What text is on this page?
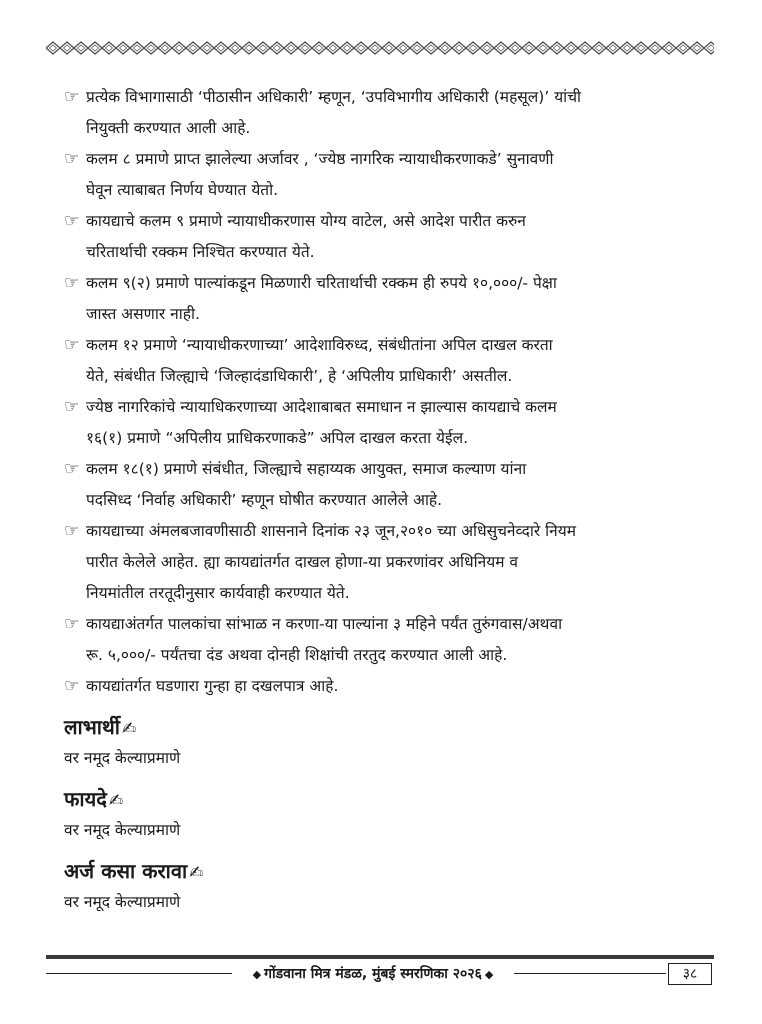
☞ प्रत्येक विभागासाठी ‘पीठासीन अधिकारी’ म्हणून, ‘उपविभागीय अधिकारी (महसूल)’ यांची
नियुक्ती करण्यात आली आहे.
☞ कलम ८ प्रमाणे प्राप्त झालेल्या अर्जावर , ‘ज्येष्ठ नागरिक न्यायाधीकरणाकडे’ सुनावणी
घेवून त्याबाबत निर्णय घेण्यात येतो.
☞ कायद्याचे कलम ९ प्रमाणे न्यायाधीकरणास योग्य वाटेल, असे आदेश पारीत करुन
चरितार्थाची रक्कम निश्चित करण्यात येते.
☞ कलम ९(२) प्रमाणे पाल्यांकडून मिळणारी चरितार्थाची रक्कम ही रुपये १०,०००/- पेक्षा
जास्त असणार नाही.
☞ कलम १२ प्रमाणे ‘न्यायाधीकरणाच्या’ आदेशाविरुध्द, संबंधीतांना अपिल दाखल करता
येते, संबंधीत जिल्ह्याचे ‘जिल्हादंडाधिकारी’, हे ‘अपिलीय प्राधिकारी’ असतील.
☞ ज्येष्ठ नागरिकांचे न्यायाधिकरणाच्या आदेशाबाबत समाधान न झाल्यास कायद्याचे कलम
१६(१) प्रमाणे “अपिलीय प्राधिकरणाकडे” अपिल दाखल करता येईल.
☞ कलम १८(१) प्रमाणे संबंधीत, जिल्ह्याचे सहाय्यक आयुक्त, समाज कल्याण यांना
पदसिध्द ‘निर्वाह अधिकारी’ म्हणून घोषीत करण्यात आलेले आहे.
☞ कायद्याच्या अंमलबजावणीसाठी शासनाने दिनांक २३ जून,२०१० च्या अधिसुचनेव्दारे नियम
पारीत केलेले आहेत. ह्या कायद्यांतर्गत दाखल होणा-या प्रकरणांवर अधिनियम व
नियमांतील तरतूदीनुसार कार्यवाही करण्यात येते.
☞ कायद्याअंतर्गत पालकांचा सांभाळ न करणा-या पाल्यांना ३ महिने पर्यंत तुरुंगवास/अथवा
रू. ५,०००/- पर्यंतचा दंड अथवा दोनही शिक्षांची तरतुद करण्यात आली आहे.
☞ कायद्यांतर्गत घडणारा गुन्हा हा दखलपात्र आहे.
लाभार्थी ✍
वर नमूद केल्याप्रमाणे
फायदे ✍
वर नमूद केल्याप्रमाणे
अर्ज कसा करावा ✍
वर नमूद केल्याप्रमाणे
◆ गोंडवाना मित्र मंडळ, मुंबई स्मरणिका २०२६ ◆	३८
